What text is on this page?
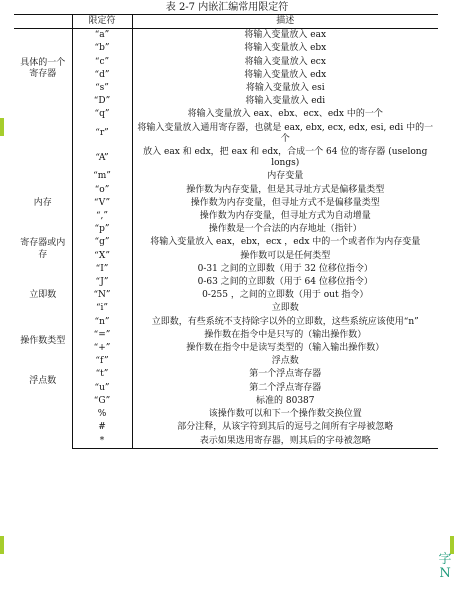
表 2-7 内嵌汇编常用限定符
	限定符	描述
具体的一个寄存器	“a”	将输入变量放入 eax
	“b”	将输入变量放入 ebx
	“c”	将输入变量放入 ecx
	“d”	将输入变量放入 edx
	“s”	将输入变量放入 esi
	“D”	将输入变量放入 edi
	“q”	将输入变量放入 eax、ebx、ecx、edx 中的一个
	“r”	将输入变量放入通用寄存器，也就是 eax, ebx, ecx, edx, esi, edi 中的一个
	“A”	放入 eax 和 edx，把 eax 和 edx，合成一个 64 位的寄存器 (uselong longs)
内存	“m”	内存变量
	“o”	操作数为内存变量，但是其寻址方式是偏移量类型
	“V”	操作数为内存变量，但寻址方式不是偏移量类型
	“,”	操作数为内存变量，但寻址方式为自动增量
	“p”	操作数是一个合法的内存地址（指针）
寄存器或内存	“g”	将输入变量放入 eax，ebx，ecx ，edx 中的一个或者作为内存变量
	“X”	操作数可以是任何类型
立即数	“I”	0-31 之间的立即数（用于 32 位移位指令）
	“J”	0-63 之间的立即数（用于 64 位移位指令）
	“N”	0-255 ，之间的立即数（用于 out 指令）
	“i”	立即数
	“n”	立即数，有些系统不支持除字以外的立即数，这些系统应该使用“n”
操作数类型	“=”	操作数在指令中是只写的（输出操作数）
	“+”	操作数在指令中是读写类型的（输入输出操作数）
浮点数	“f”	浮点数
	“t”	第一个浮点寄存器
	“u”	第二个浮点寄存器
	“G”	标准的 80387
	%	该操作数可以和下一个操作数交换位置
	#	部分注释，从该字符到其后的逗号之间所有字母被忽略
	*	表示如果选用寄存器，则其后的字母被忽略
字 N
